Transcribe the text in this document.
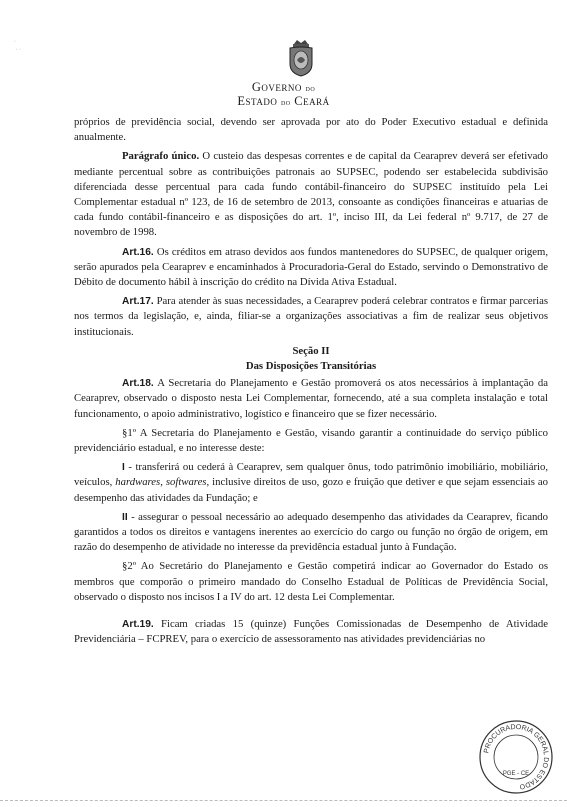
·
· ·
Governo do
Estado do Ceará

próprios de previdência social, devendo ser aprovada por ato do Poder Executivo estadual e definida anualmente.

Parágrafo único. O custeio das despesas correntes e de capital da Cearaprev deverá ser efetivado mediante percentual sobre as contribuições patronais ao SUPSEC, podendo ser estabelecida subdivisão diferenciada desse percentual para cada fundo contábil-financeiro do SUPSEC instituído pela Lei Complementar estadual nº 123, de 16 de setembro de 2013, consoante as condições financeiras e atuarias de cada fundo contábil-financeiro e as disposições do art. 1º, inciso III, da Lei federal nº 9.717, de 27 de novembro de 1998.

Art.16. Os créditos em atraso devidos aos fundos mantenedores do SUPSEC, de qualquer origem, serão apurados pela Cearaprev e encaminhados à Procuradoria-Geral do Estado, servindo o Demonstrativo de Débito de documento hábil à inscrição do crédito na Dívida Ativa Estadual.

Art.17. Para atender às suas necessidades, a Cearaprev poderá celebrar contratos e firmar parcerias nos termos da legislação, e, ainda, filiar-se a organizações associativas a fim de realizar seus objetivos institucionais.

Seção II

Das Disposições Transitórias

Art.18. A Secretaria do Planejamento e Gestão promoverá os atos necessários à implantação da Cearaprev, observado o disposto nesta Lei Complementar, fornecendo, até a sua completa instalação e total funcionamento, o apoio administrativo, logístico e financeiro que se fizer necessário.

§1º A Secretaria do Planejamento e Gestão, visando garantir a continuidade do serviço público previdenciário estadual, e no interesse deste:

I - transferirá ou cederá à Cearaprev, sem qualquer ônus, todo patrimônio imobiliário, mobiliário, veículos, hardwares, softwares, inclusive direitos de uso, gozo e fruição que detiver e que sejam essenciais ao desempenho das atividades da Fundação; e

II - assegurar o pessoal necessário ao adequado desempenho das atividades da Cearaprev, ficando garantidos a todos os direitos e vantagens inerentes ao exercício do cargo ou função no órgão de origem, em razão do desempenho de atividade no interesse da previdência estadual junto à Fundação.

§2º Ao Secretário do Planejamento e Gestão competirá indicar ao Governador do Estado os membros que comporão o primeiro mandado do Conselho Estadual de Políticas de Previdência Social, observado o disposto nos incisos I a IV do art. 12 desta Lei Complementar.

Art.19. Ficam criadas 15 (quinze) Funções Comissionadas de Desempenho de Atividade Previdenciária – FCPREV, para o exercício de assessoramento nas atividades previdenciárias no

PROCURADORIA GERAL DO ESTADO
PGE - CE
